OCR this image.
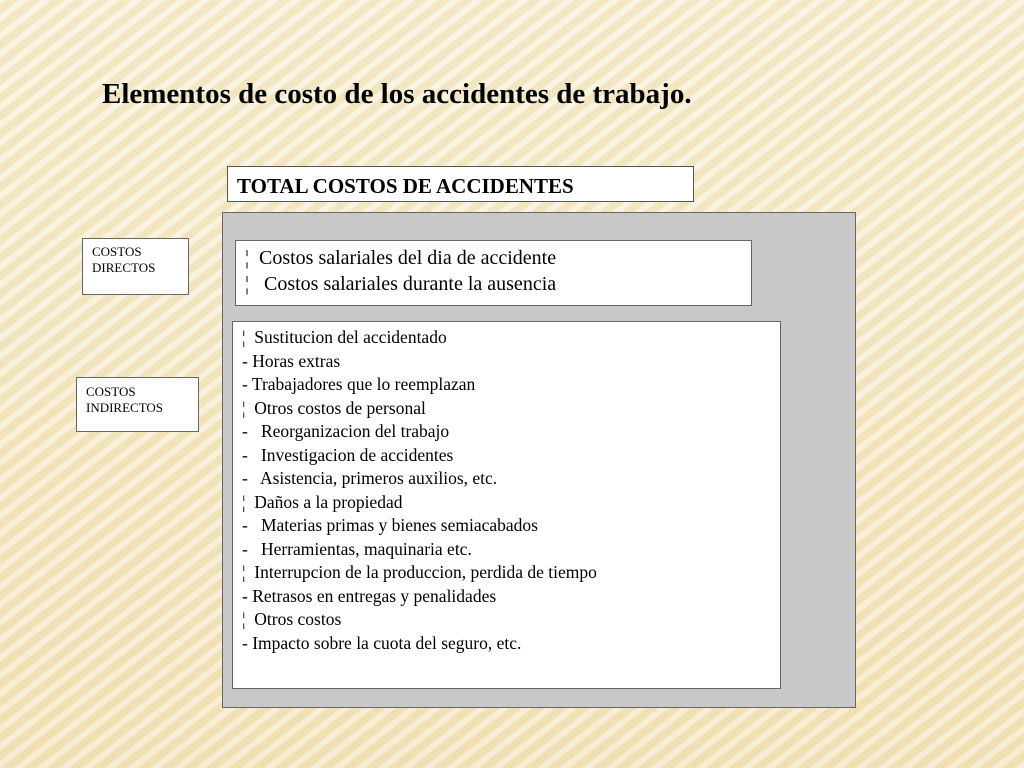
Elementos de costo de los accidentes de trabajo.
TOTAL COSTOS DE ACCIDENTES
COSTOS
DIRECTOS
COSTOS
INDIRECTOS
¦  Costos salariales del dia de accidente
¦   Costos salariales durante la ausencia
¦  Sustitucion del accidentado
- Horas extras
- Trabajadores que lo reemplazan
¦  Otros costos de personal
-   Reorganizacion del trabajo
-   Investigacion de accidentes
-   Asistencia, primeros auxilios, etc.
¦  Daños a la propiedad
-   Materias primas y bienes semiacabados
-   Herramientas, maquinaria etc.
¦  Interrupcion de la produccion, perdida de tiempo
- Retrasos en entregas y penalidades
¦  Otros costos
- Impacto sobre la cuota del seguro, etc.
